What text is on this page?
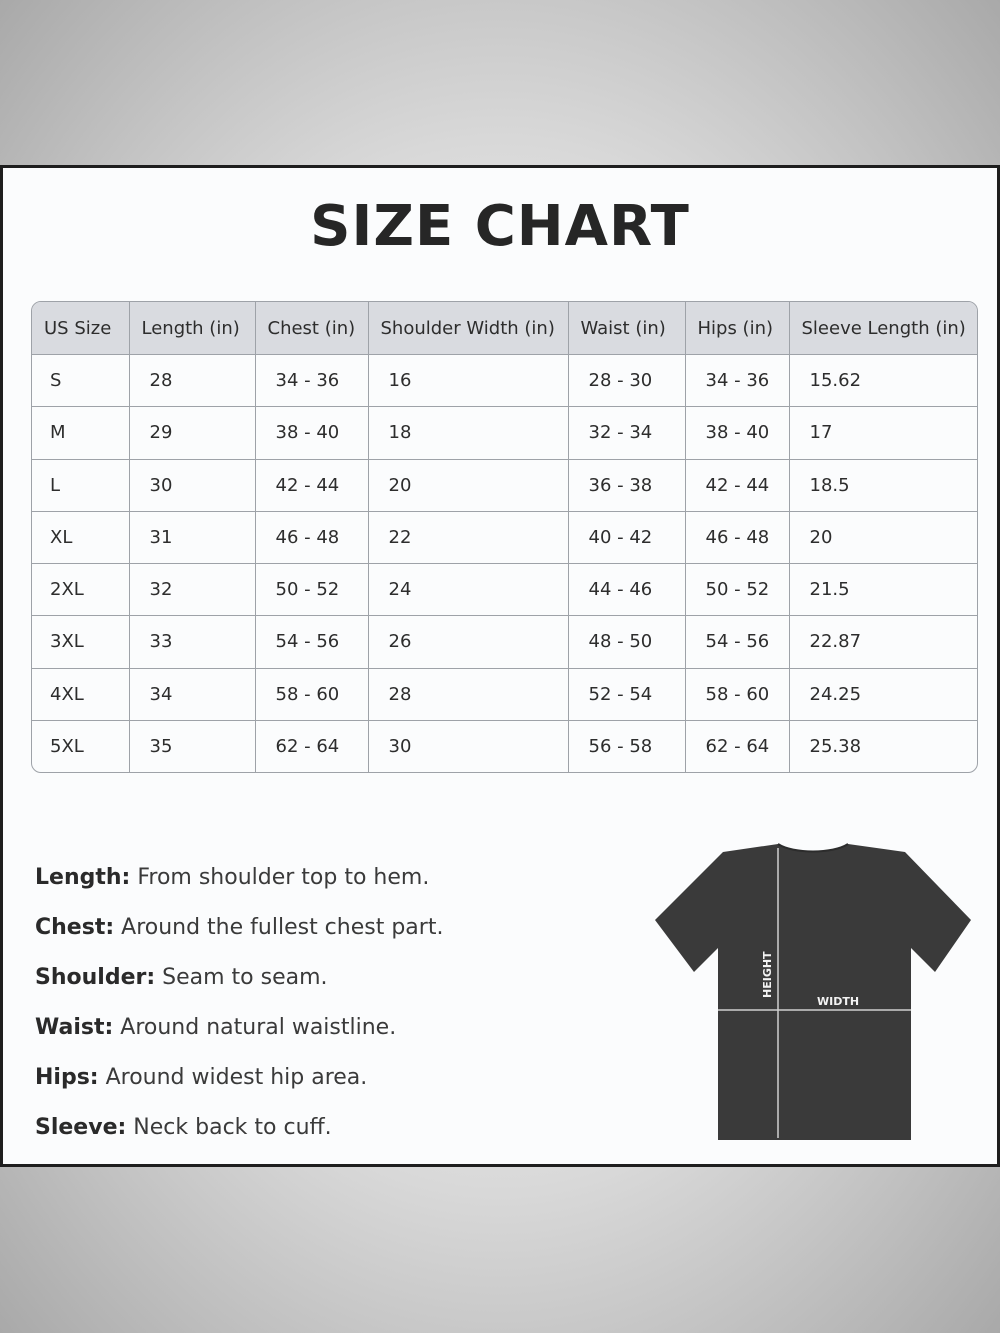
SIZE CHART
US Size	Length (in)	Chest (in)	Shoulder Width (in)	Waist (in)	Hips (in)	Sleeve Length (in)
S	28	34 - 36	16	28 - 30	34 - 36	15.62
M	29	38 - 40	18	32 - 34	38 - 40	17
L	30	42 - 44	20	36 - 38	42 - 44	18.5
XL	31	46 - 48	22	40 - 42	46 - 48	20
2XL	32	50 - 52	24	44 - 46	50 - 52	21.5
3XL	33	54 - 56	26	48 - 50	54 - 56	22.87
4XL	34	58 - 60	28	52 - 54	58 - 60	24.25
5XL	35	62 - 64	30	56 - 58	62 - 64	25.38
Length: From shoulder top to hem.
Chest: Around the fullest chest part.
Shoulder: Seam to seam.
Waist: Around natural waistline.
Hips: Around widest hip area.
Sleeve: Neck back to cuff.
HEIGHT
WIDTH
